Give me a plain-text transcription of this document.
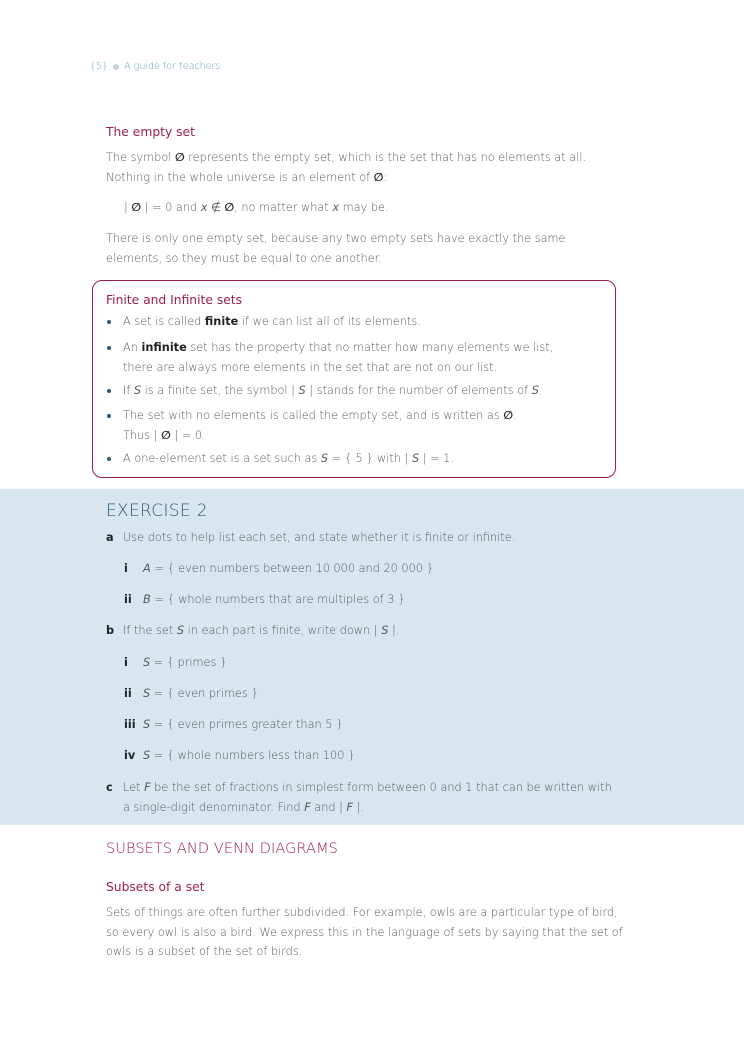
{5} A guide for teachers
The empty set
The symbol ∅ represents the empty set, which is the set that has no elements at all.
Nothing in the whole universe is an element of ∅:
| ∅ | = 0 and x ∉ ∅, no matter what x may be.
There is only one empty set, because any two empty sets have exactly the same
elements, so they must be equal to one another.
Finite and Infinite sets
A set is called finite if we can list all of its elements.
An infinite set has the property that no matter how many elements we list,
there are always more elements in the set that are not on our list.
If S is a finite set, the symbol | S | stands for the number of elements of S.
The set with no elements is called the empty set, and is written as ∅.
Thus | ∅ | = 0.
A one-element set is a set such as S = { 5 } with | S | = 1.
EXERCISE 2
a Use dots to help list each set, and state whether it is finite or infinite.
i	A = { even numbers between 10 000 and 20 000 }
ii B = { whole numbers that are multiples of 3 }
b If the set S in each part is finite, write down | S |.
i	S = { primes }
ii S = { even primes }
iii S = { even primes greater than 5 }
iv S = { whole numbers less than 100 }
c Let F be the set of fractions in simplest form between 0 and 1 that can be written with
a single-digit denominator. Find F and | F |.
SUBSETS AND VENN DIAGRAMS
Subsets of a set
Sets of things are often further subdivided. For example, owls are a particular type of bird,
so every owl is also a bird. We express this in the language of sets by saying that the set of
owls is a subset of the set of birds.
